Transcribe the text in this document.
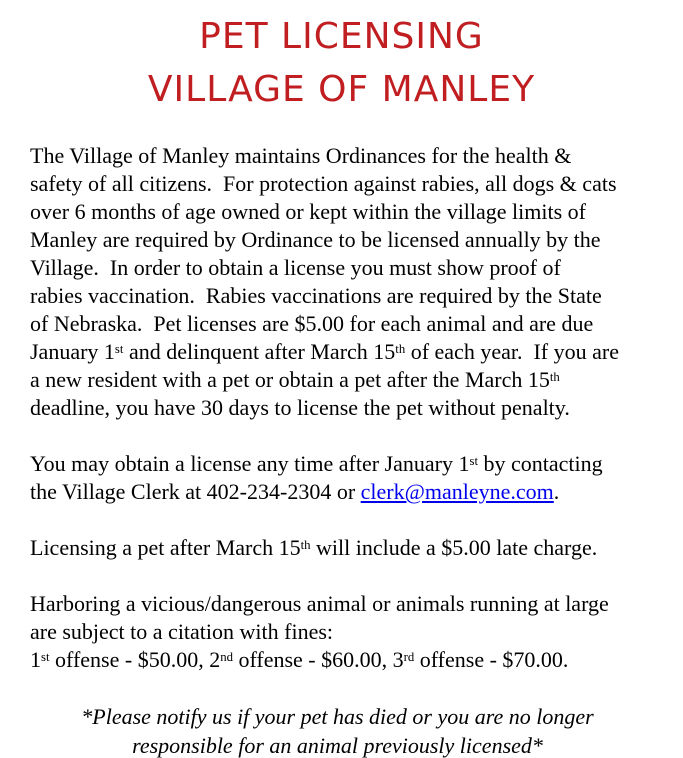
PET LICENSING
VILLAGE OF MANLEY
The Village of Manley maintains Ordinances for the health &
safety of all citizens.  For protection against rabies, all dogs & cats
over 6 months of age owned or kept within the village limits of
Manley are required by Ordinance to be licensed annually by the
Village.  In order to obtain a license you must show proof of
rabies vaccination.  Rabies vaccinations are required by the State
of Nebraska.  Pet licenses are $5.00 for each animal and are due
January 1st and delinquent after March 15th of each year.  If you are
a new resident with a pet or obtain a pet after the March 15th
deadline, you have 30 days to license the pet without penalty.
You may obtain a license any time after January 1st by contacting
the Village Clerk at 402-234-2304 or clerk@manleyne.com.
Licensing a pet after March 15th will include a $5.00 late charge.
Harboring a vicious/dangerous animal or animals running at large
are subject to a citation with fines:
1st offense - $50.00, 2nd offense - $60.00, 3rd offense - $70.00.
*Please notify us if your pet has died or you are no longer
responsible for an animal previously licensed*
